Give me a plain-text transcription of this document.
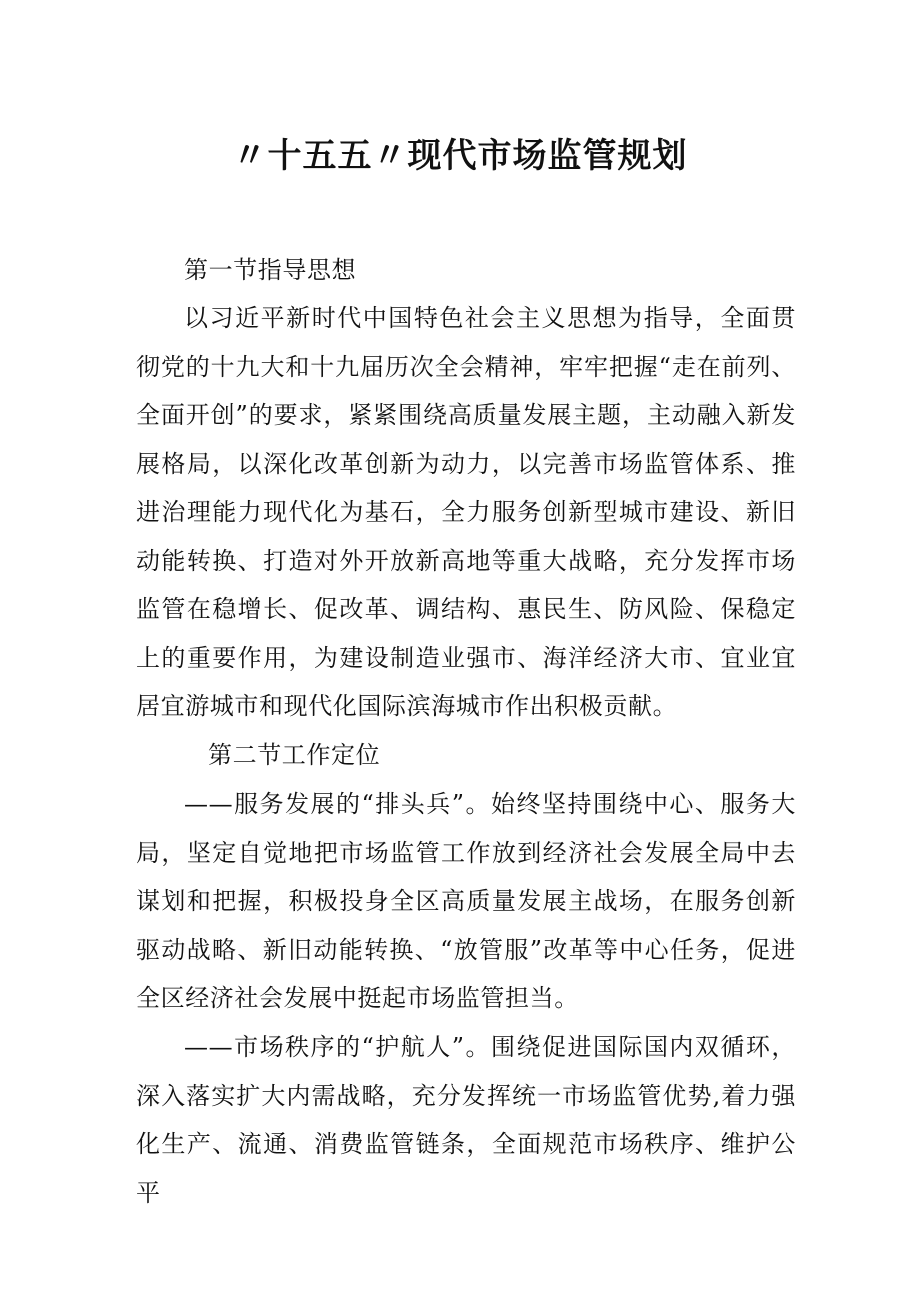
〃十五五〃现代市场监管规划

第一节指导思想

以习近平新时代中国特色社会主义思想为指导，全面贯彻党的十九大和十九届历次全会精神，牢牢把握“走在前列、全面开创”的要求，紧紧围绕高质量发展主题，主动融入新发展格局，以深化改革创新为动力，以完善市场监管体系、推进治理能力现代化为基石，全力服务创新型城市建设、新旧动能转换、打造对外开放新高地等重大战略，充分发挥市场监管在稳增长、促改革、调结构、惠民生、防风险、保稳定上的重要作用，为建设制造业强市、海洋经济大市、宜业宜居宜游城市和现代化国际滨海城市作出积极贡献。

第二节工作定位

——服务发展的“排头兵”。始终坚持围绕中心、服务大局，坚定自觉地把市场监管工作放到经济社会发展全局中去谋划和把握，积极投身全区高质量发展主战场，在服务创新驱动战略、新旧动能转换、“放管服”改革等中心任务，促进全区经济社会发展中挺起市场监管担当。

——市场秩序的“护航人”。围绕促进国际国内双循环，深入落实扩大内需战略，充分发挥统一市场监管优势,着力强化生产、流通、消费监管链条，全面规范市场秩序、维护公平
